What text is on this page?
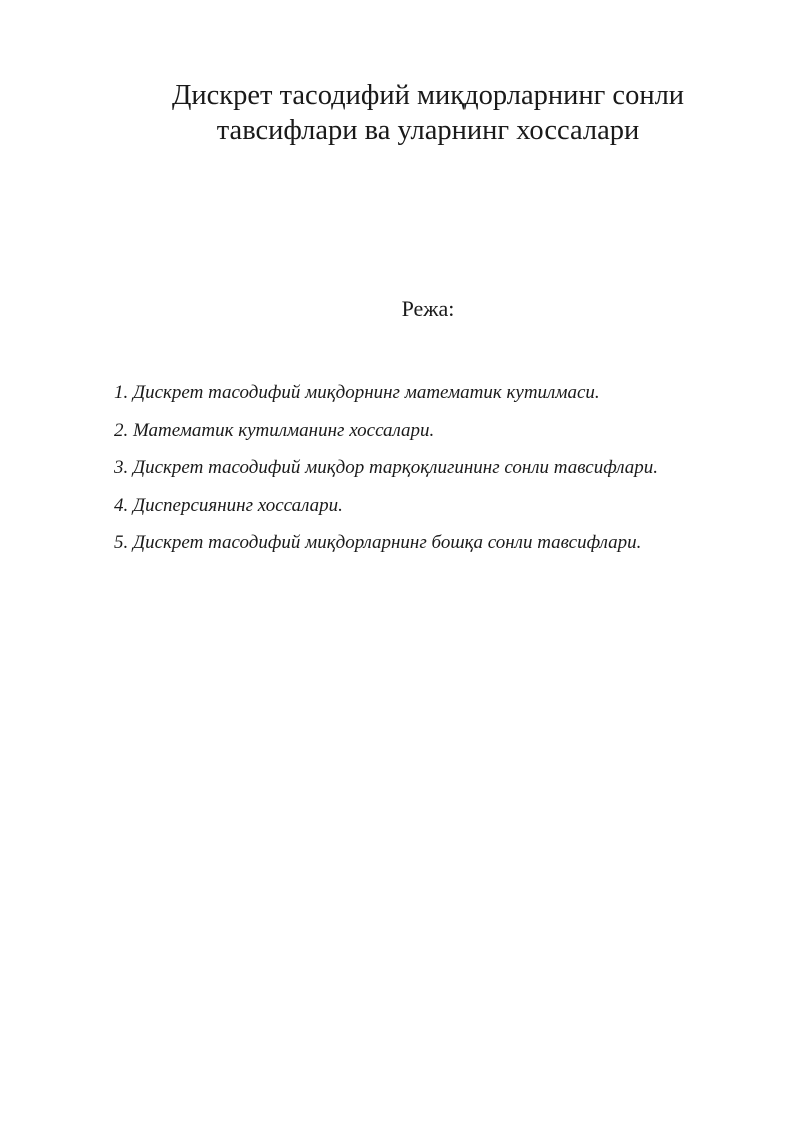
Дискрет тасодифий миқдорларнинг сонли
тавсифлари ва уларнинг хоссалари
Режа:
1. Дискрет тасодифий миқдорнинг математик кутилмаси.
2. Математик кутилманинг хоссалари.
3. Дискрет тасодифий миқдор тарқоқлигининг сонли тавсифлари.
4. Дисперсиянинг хоссалари.
5. Дискрет тасодифий миқдорларнинг бошқа сонли тавсифлари.
